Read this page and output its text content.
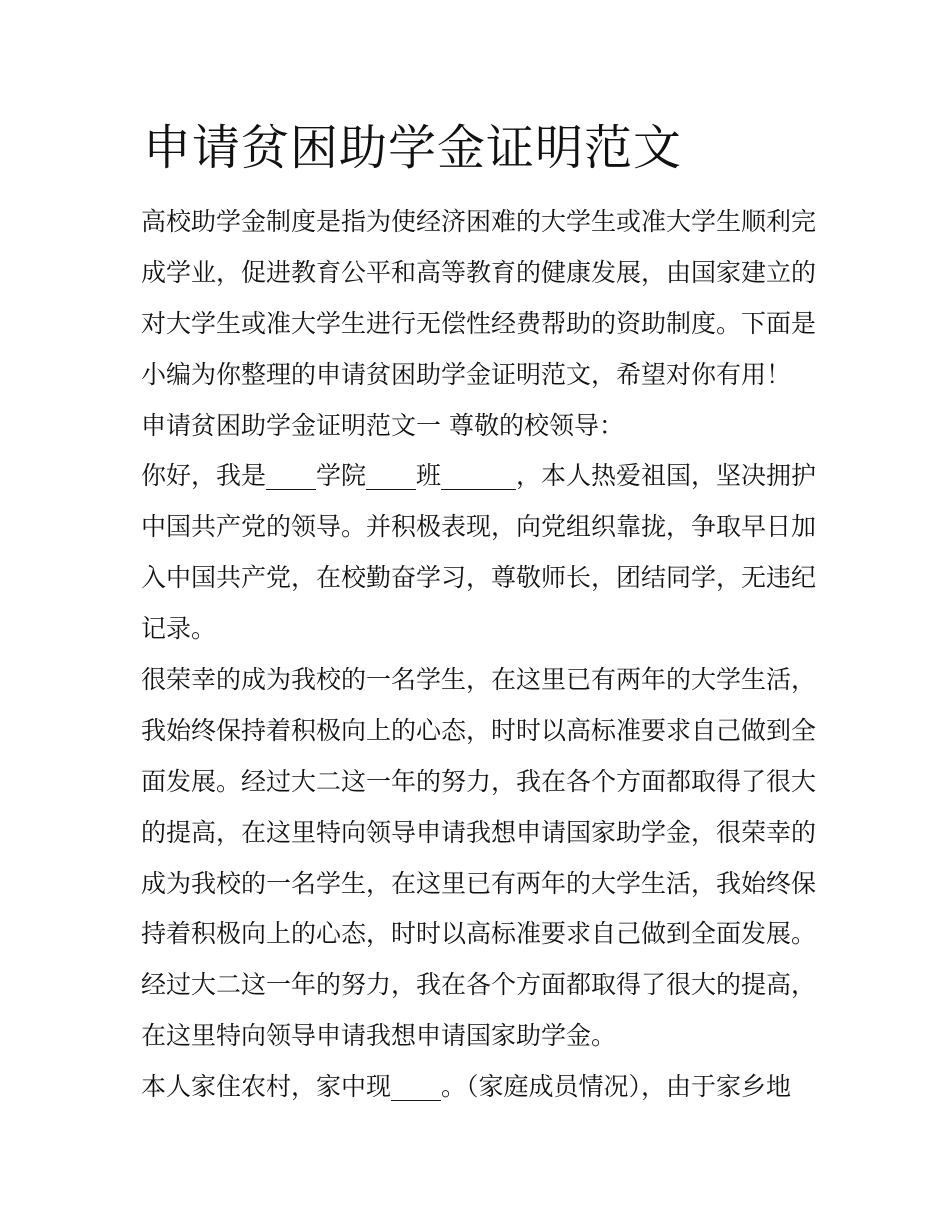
申请贫困助学金证明范文
高校助学金制度是指为使经济困难的大学生或准大学生顺利完
成学业，促进教育公平和高等教育的健康发展，由国家建立的
对大学生或准大学生进行无偿性经费帮助的资助制度。下面是
小编为你整理的申请贫困助学金证明范文，希望对你有用！
申请贫困助学金证明范文一 尊敬的校领导：
你好，我是____学院____班______，本人热爱祖国，坚决拥护
中国共产党的领导。并积极表现，向党组织靠拢，争取早日加
入中国共产党，在校勤奋学习，尊敬师长，团结同学，无违纪
记录。
很荣幸的成为我校的一名学生，在这里已有两年的大学生活，
我始终保持着积极向上的心态，时时以高标准要求自己做到全
面发展。经过大二这一年的努力，我在各个方面都取得了很大
的提高，在这里特向领导申请我想申请国家助学金，很荣幸的
成为我校的一名学生，在这里已有两年的大学生活，我始终保
持着积极向上的心态，时时以高标准要求自己做到全面发展。
经过大二这一年的努力，我在各个方面都取得了很大的提高，
在这里特向领导申请我想申请国家助学金。
本人家住农村，家中现____。（家庭成员情况），由于家乡地
